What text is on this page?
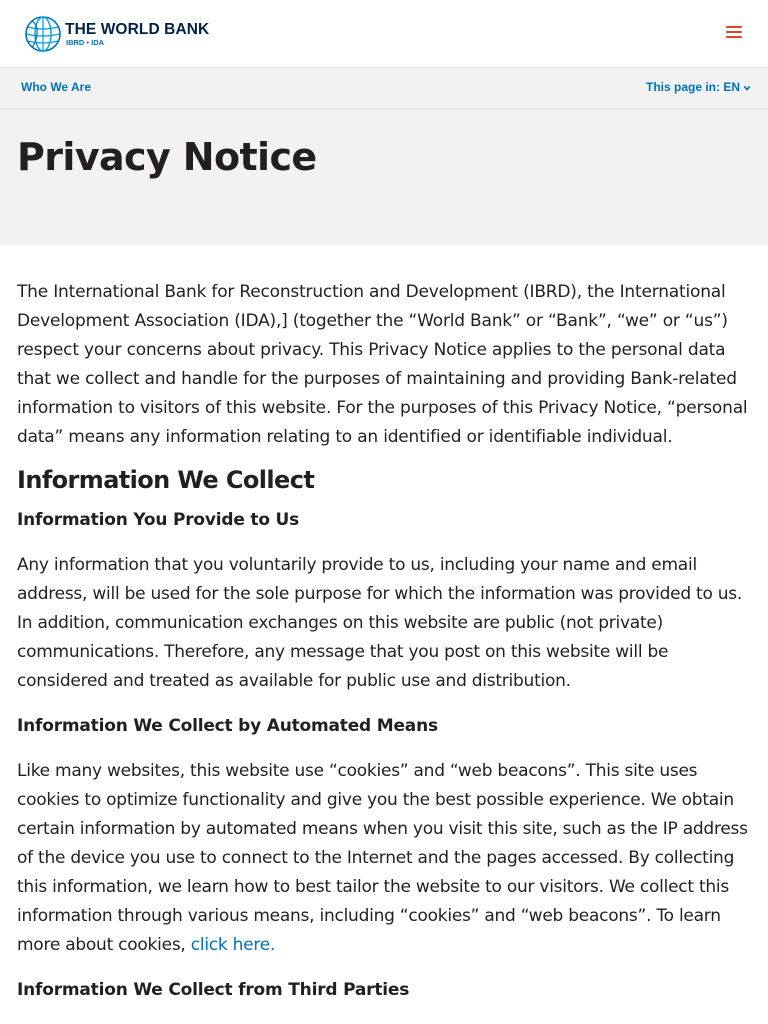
THE WORLD BANK
IBRD • IDA
Who We Are	This page in: EN
Privacy Notice

The International Bank for Reconstruction and Development (IBRD), the International Development Association (IDA),] (together the “World Bank” or “Bank”, “we” or “us”) respect your concerns about privacy. This Privacy Notice applies to the personal data that we collect and handle for the purposes of maintaining and providing Bank-related information to visitors of this website. For the purposes of this Privacy Notice, “personal data” means any information relating to an identified or identifiable individual.

Information We Collect
Information You Provide to Us

Any information that you voluntarily provide to us, including your name and email address, will be used for the sole purpose for which the information was provided to us. In addition, communication exchanges on this website are public (not private) communications. Therefore, any message that you post on this website will be considered and treated as available for public use and distribution.

Information We Collect by Automated Means

Like many websites, this website use “cookies” and “web beacons”. This site uses cookies to optimize functionality and give you the best possible experience. We obtain certain information by automated means when you visit this site, such as the IP address of the device you use to connect to the Internet and the pages accessed. By collecting this information, we learn how to best tailor the website to our visitors. We collect this information through various means, including “cookies” and “web beacons”. To learn more about cookies, click here.

Information We Collect from Third Parties
